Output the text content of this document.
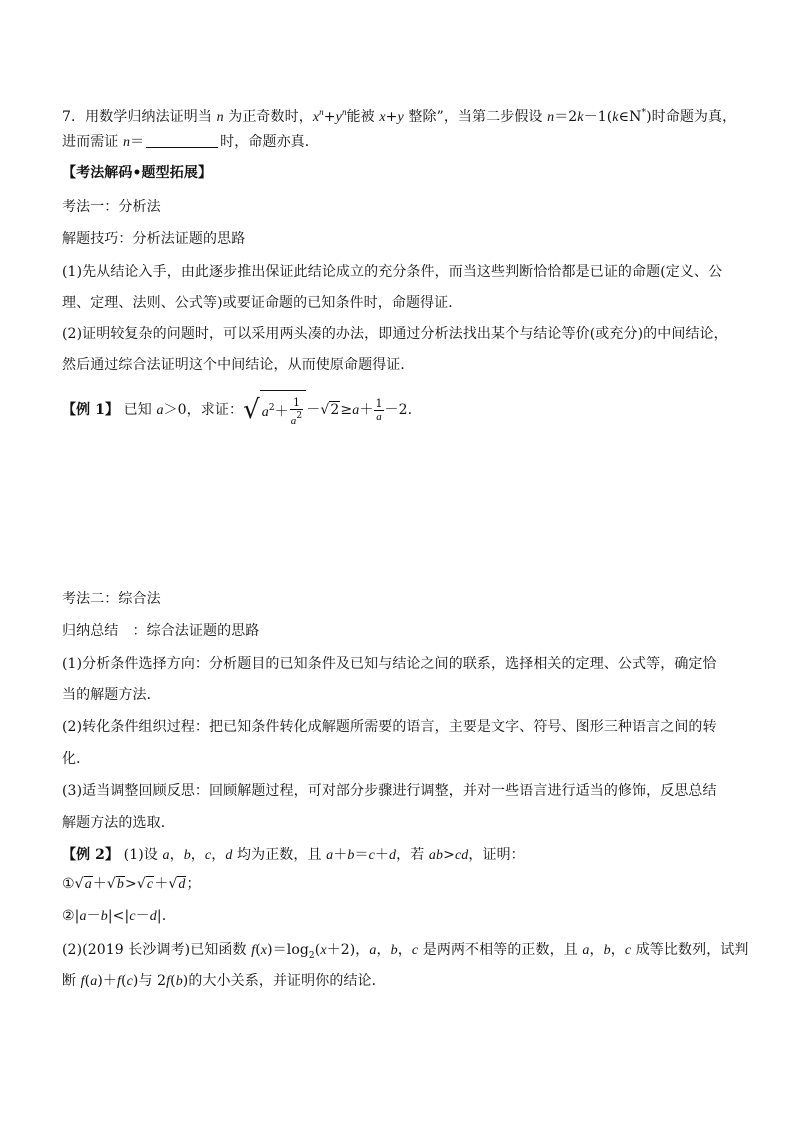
7．用数学归纳法证明当 n 为正奇数时，$x^n+y^n$能被 x+y 整除”，当第二步假设 n＝2k－1(k∈N*)时命题为真，
进而需证 n＝	时，命题亦真．
【考法解码•题型拓展】
考法一：分析法
解题技巧：分析法证题的思路
(1)先从结论入手，由此逐步推出保证此结论成立的充分条件，而当这些判断恰恰都是已证的命题(定义、公
理、定理、法则、公式等)或要证命题的已知条件时，命题得证．
(2)证明较复杂的问题时，可以采用两头凑的办法，即通过分析法找出某个与结论等价(或充分)的中间结论，
然后通过综合法证明这个中间结论，从而使原命题得证．
【例 1】 已知 a＞0，求证：√ $a^2+ \frac{1}{a^2} -√2\ge a+ \frac{1}{a} -2$.
考法二：综合法
归纳总结　：综合法证题的思路
(1)分析条件选择方向：分析题目的已知条件及已知与结论之间的联系，选择相关的定理、公式等，确定恰
当的解题方法．
(2)转化条件组织过程：把已知条件转化成解题所需要的语言，主要是文字、符号、图形三种语言之间的转
化．
(3)适当调整回顾反思：回顾解题过程，可对部分步骤进行调整，并对一些语言进行适当的修饰，反思总结
解题方法的选取．
【例 2】 (1)设 a，b，c，d 均为正数，且 a＋b＝c＋d，若 ab>cd，证明：
①√a＋√b>√c＋√d；
②|a－b|<|c－d|.
(2)(2019 长沙调考)已知函数 $f(x)=\log_2(x+2)$，a，b，c 是两两不相等的正数，且 a，b，c 成等比数列，试判
断 f(a)＋f(c)与 2f(b)的大小关系，并证明你的结论．
